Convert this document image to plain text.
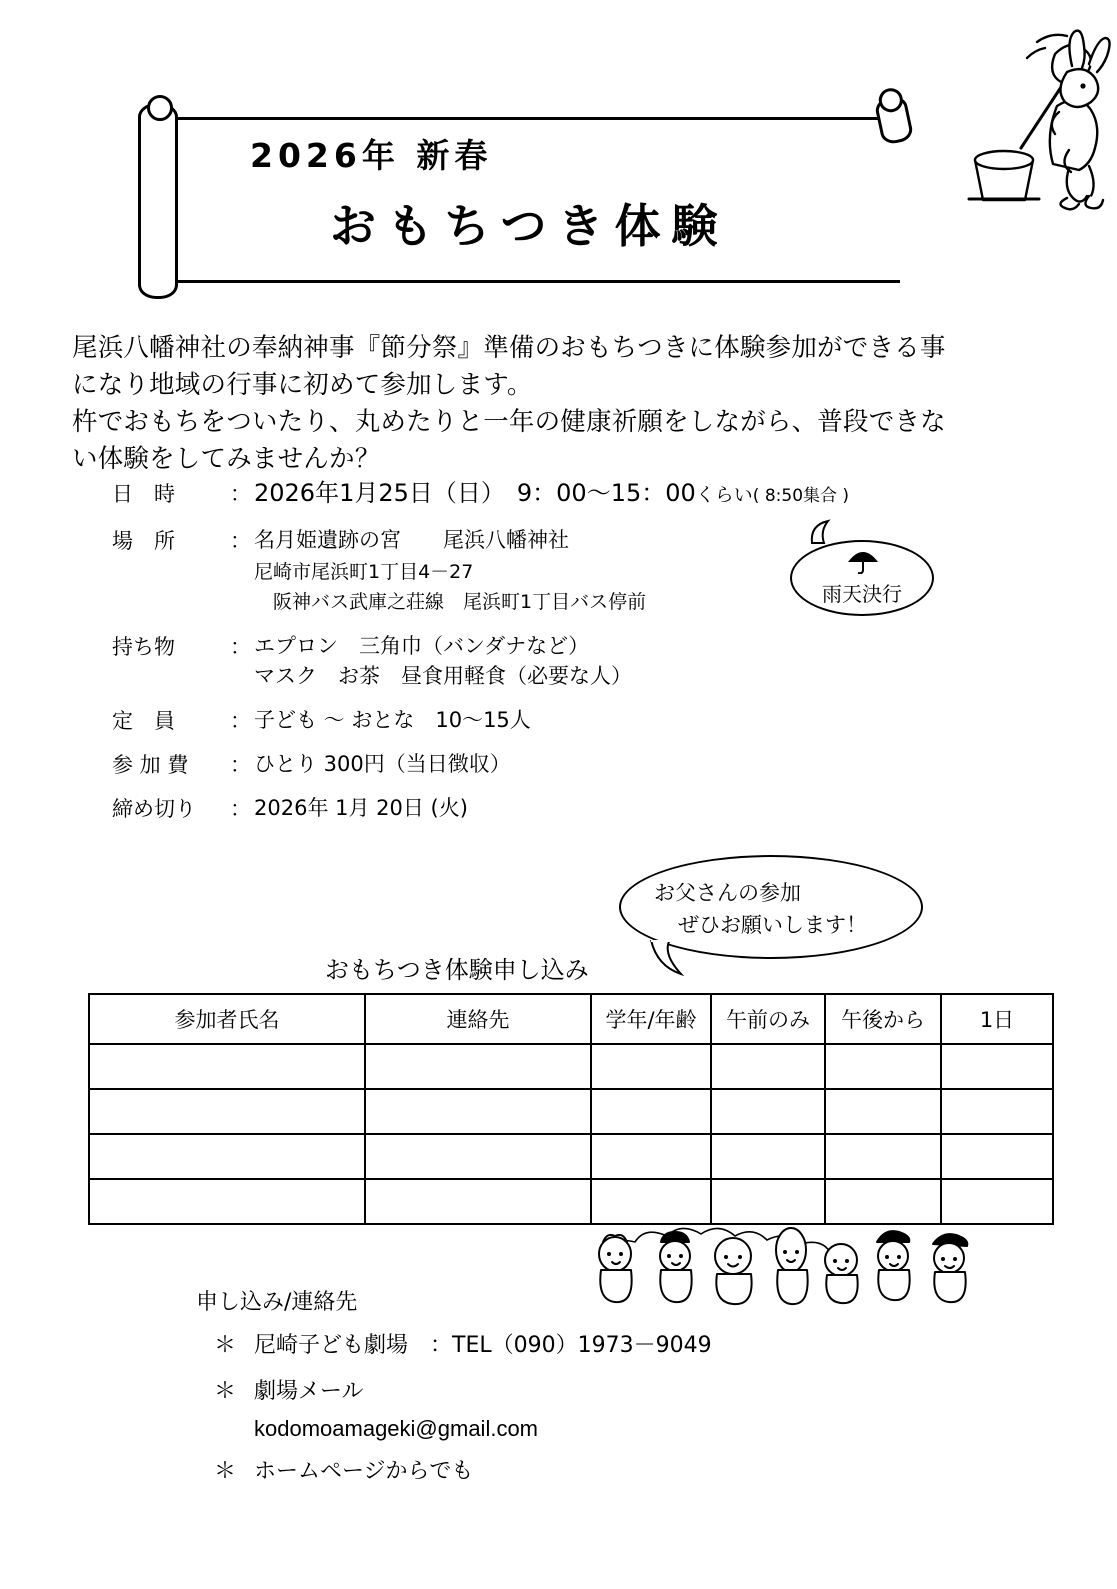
2026年 新春
おもちつき体験
尾浜八幡神社の奉納神事『節分祭』準備のおもちつきに体験参加ができる事
になり地域の行事に初めて参加します。
杵でおもちをついたり、丸めたりと一年の健康祈願をしながら、普段できな
い体験をしてみませんか？
日　時　	： 2026年1月25日（日）　9：00～15：00くらい( 8:50集合 )
場　所　	： 名月姫遺跡の宮　　尾浜八幡神社
尼崎市尾浜町1丁目4－27
　阪神バス武庫之荘線　尾浜町1丁目バス停前
持ち物　	： エプロン　三角巾（バンダナなど）
マスク　お茶　昼食用軽食（必要な人）
定　員　	： 子ども ～ おとな　10～15人
参 加 費	： ひとり 300円（当日徴収）
締め切り	： 2026年 1月 20日 (火)
雨天決行
お父さんの参加
ぜひお願いします！
おもちつき体験申し込み
参加者氏名	連絡先	学年/年齢	午前のみ	午後から	1日

申し込み/連絡先
＊ 尼崎子ども劇場　：TEL（090）1973－9049
＊ 劇場メール
kodomoamageki@gmail.com
＊ ホームページからでも
